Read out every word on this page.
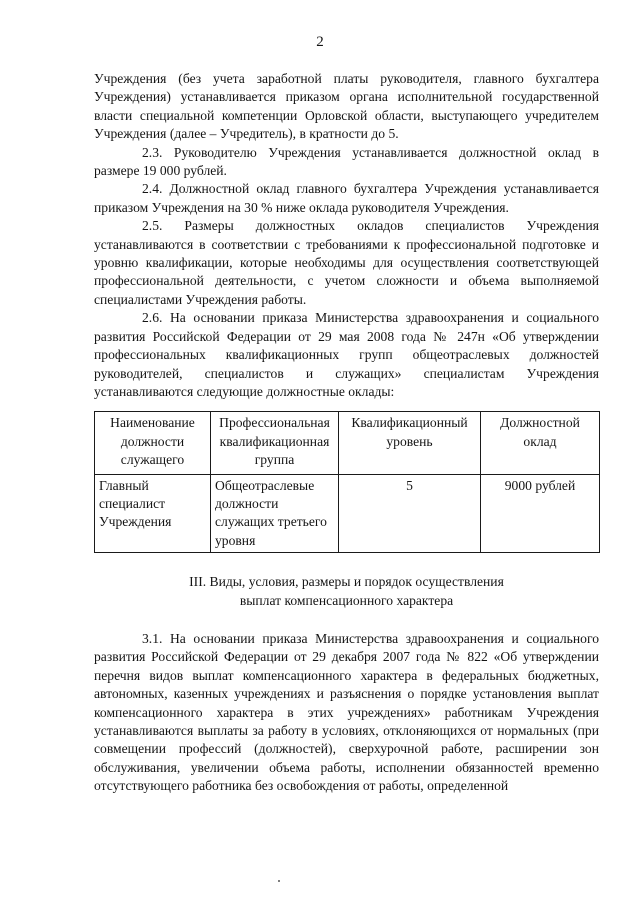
2

Учреждения (без учета заработной платы руководителя, главного бухгалтера Учреждения) устанавливается приказом органа исполнительной государственной власти специальной компетенции Орловской области, выступающего учредителем Учреждения (далее – Учредитель), в кратности до 5.

2.3. Руководителю Учреждения устанавливается должностной оклад в размере 19 000 рублей.

2.4. Должностной оклад главного бухгалтера Учреждения устанавливается приказом Учреждения на 30 % ниже оклада руководителя Учреждения.

2.5. Размеры должностных окладов специалистов Учреждения устанавливаются в соответствии с требованиями к профессиональной подготовке и уровню квалификации, которые необходимы для осуществления соответствующей профессиональной деятельности, с учетом сложности и объема выполняемой специалистами Учреждения работы.

2.6. На основании приказа Министерства здравоохранения и социального развития Российской Федерации от 29 мая 2008 года № 247н «Об утверждении профессиональных квалификационных групп общеотраслевых должностей руководителей, специалистов и служащих» специалистам Учреждения устанавливаются следующие должностные оклады:

Наименование должности служащего	Профессиональная квалификационная группа	Квалификационный уровень	Должностной оклад
Главный специалист Учреждения	Общеотраслевые должности служащих третьего уровня	5	9000 рублей
III. Виды, условия, размеры и порядок осуществления
выплат компенсационного характера

3.1. На основании приказа Министерства здравоохранения и социального развития Российской Федерации от 29 декабря 2007 года № 822 «Об утверждении перечня видов выплат компенсационного характера в федеральных бюджетных, автономных, казенных учреждениях и разъяснения о порядке установления выплат компенсационного характера в этих учреждениях» работникам Учреждения устанавливаются выплаты за работу в условиях, отклоняющихся от нормальных (при совмещении профессий (должностей), сверхурочной работе, расширении зон обслуживания, увеличении объема работы, исполнении обязанностей временно отсутствующего работника без освобождения от работы, определенной
